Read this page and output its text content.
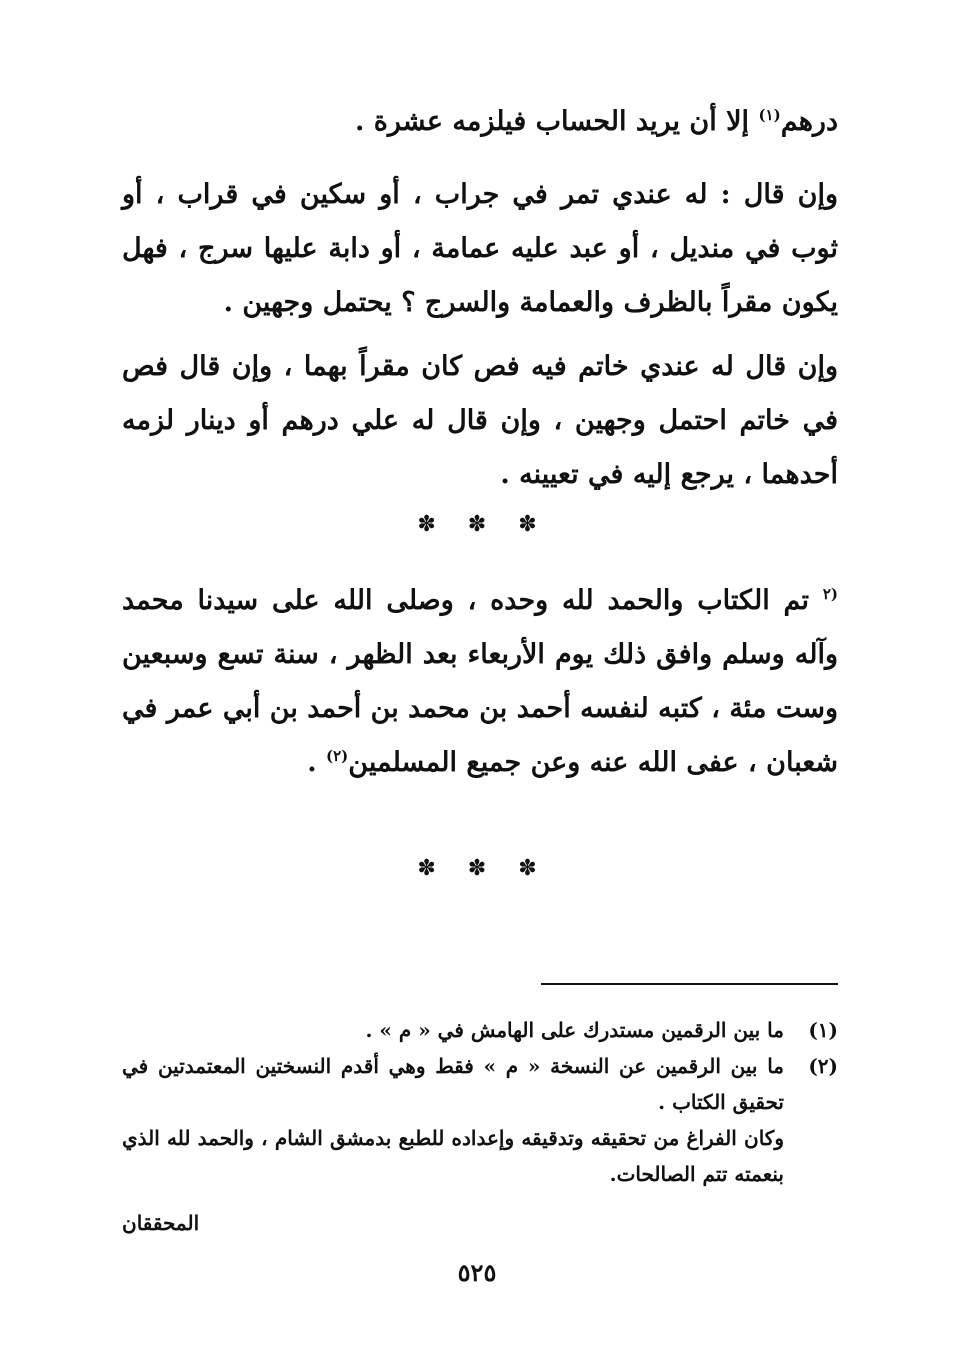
درهم$^{(١)}$ إلا أن يريد الحساب فيلزمه عشرة .
وإن قال : له عندي تمر في جراب ، أو سكين في قراب ، أو ثوب في منديل ، أو عبد عليه عمامة ، أو دابة عليها سرج ، فهل يكون مقراً بالظرف والعمامة والسرج ؟ يحتمل وجهين .
وإن قال له عندي خاتم فيه فص كان مقراً بهما ، وإن قال فص في خاتم احتمل وجهين ، وإن قال له علي درهم أو دينار لزمه أحدهما ، يرجع إليه في تعيينه .
✽ ✽ ✽
$^{(٢}$ تم الكتاب والحمد لله وحده ، وصلى الله على سيدنا محمد وآله وسلم وافق ذلك يوم الأربعاء بعد الظهر ، سنة تسع وسبعين وست مئة ، كتبه لنفسه أحمد بن محمد بن أحمد بن أبي عمر في شعبان ، عفى الله عنه وعن جميع المسلمين$^{(٢)}$ .
✽ ✽ ✽
(١)
ما بين الرقمين مستدرك على الهامش في « م » .
(٢)
ما بين الرقمين عن النسخة « م » فقط وهي أقدم النسختين المعتمدتين في تحقيق الكتاب .
وكان الفراغ من تحقيقه وتدقيقه وإعداده للطبع بدمشق الشام ، والحمد لله الذي بنعمته تتم الصالحات.
المحققان
٥٢٥
